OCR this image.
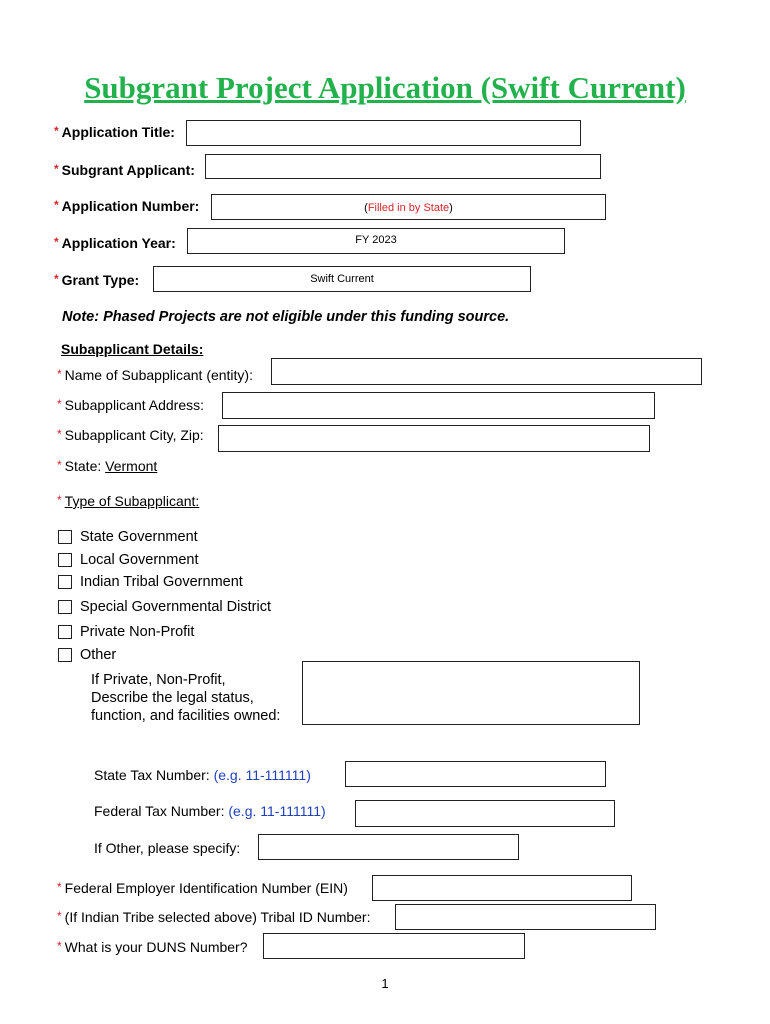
Subgrant Project Application (Swift Current)
* Application Title:
* Subgrant Applicant:
* Application Number:	(Filled in by State)
* Application Year:	FY 2023
* Grant Type:	Swift Current
Note: Phased Projects are not eligible under this funding source.
Subapplicant Details:
* Name of Subapplicant (entity):
* Subapplicant Address:
* Subapplicant City, Zip:
* State: Vermont
* Type of Subapplicant:
State Government
Local Government
Indian Tribal Government
Special Governmental District
Private Non-Profit
Other
If Private, Non-Profit,
Describe the legal status,
function, and facilities owned:
State Tax Number: (e.g. 11-111111)
Federal Tax Number: (e.g. 11-111111)
If Other, please specify:
* Federal Employer Identification Number (EIN)
* (If Indian Tribe selected above) Tribal ID Number:
* What is your DUNS Number?
1
